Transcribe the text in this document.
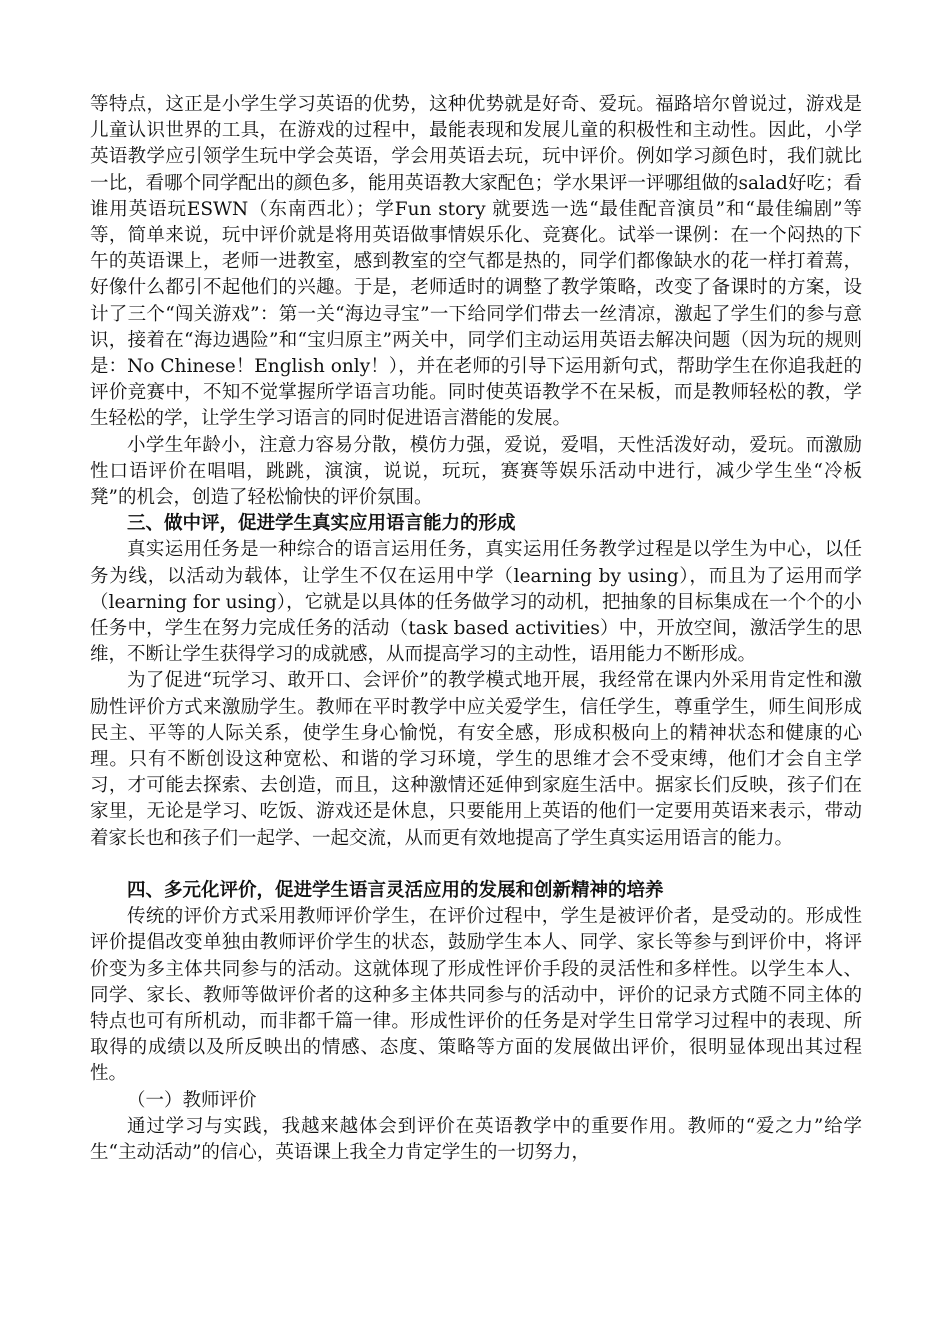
等特点，这正是小学生学习英语的优势，这种优势就是好奇、爱玩。福路培尔曾说过，游戏是儿童认识世界的工具，在游戏的过程中，最能表现和发展儿童的积极性和主动性。因此，小学英语教学应引领学生玩中学会英语，学会用英语去玩，玩中评价。例如学习颜色时，我们就比一比，看哪个同学配出的颜色多，能用英语教大家配色；学水果评一评哪组做的salad好吃；看谁用英语玩ESWN（东南西北）；学Fun story 就要选一选“最佳配音演员”和“最佳编剧”等等，简单来说，玩中评价就是将用英语做事情娱乐化、竞赛化。试举一课例：在一个闷热的下午的英语课上，老师一进教室，感到教室的空气都是热的，同学们都像缺水的花一样打着蔫，好像什么都引不起他们的兴趣。于是，老师适时的调整了教学策略，改变了备课时的方案，设计了三个“闯关游戏”：第一关“海边寻宝”一下给同学们带去一丝清凉，激起了学生们的参与意识，接着在“海边遇险”和“宝归原主”两关中，同学们主动运用英语去解决问题（因为玩的规则是：No Chinese！English only！），并在老师的引导下运用新句式，帮助学生在你追我赶的评价竞赛中，不知不觉掌握所学语言功能。同时使英语教学不在呆板，而是教师轻松的教，学生轻松的学，让学生学习语言的同时促进语言潜能的发展。

小学生年龄小，注意力容易分散，模仿力强，爱说，爱唱，天性活泼好动，爱玩。而激励性口语评价在唱唱，跳跳，演演，说说，玩玩，赛赛等娱乐活动中进行，减少学生坐“冷板凳”的机会，创造了轻松愉快的评价氛围。

三、做中评，促进学生真实应用语言能力的形成

真实运用任务是一种综合的语言运用任务，真实运用任务教学过程是以学生为中心，以任务为线，以活动为载体，让学生不仅在运用中学（learning by using），而且为了运用而学（learning for using），它就是以具体的任务做学习的动机，把抽象的目标集成在一个个的小任务中，学生在努力完成任务的活动（task based activities）中，开放空间，激活学生的思维，不断让学生获得学习的成就感，从而提高学习的主动性，语用能力不断形成。

为了促进“玩学习、敢开口、会评价”的教学模式地开展，我经常在课内外采用肯定性和激励性评价方式来激励学生。教师在平时教学中应关爱学生，信任学生，尊重学生，师生间形成民主、平等的人际关系，使学生身心愉悦，有安全感，形成积极向上的精神状态和健康的心理。只有不断创设这种宽松、和谐的学习环境，学生的思维才会不受束缚，他们才会自主学习，才可能去探索、去创造，而且，这种激情还延伸到家庭生活中。据家长们反映，孩子们在家里，无论是学习、吃饭、游戏还是休息，只要能用上英语的他们一定要用英语来表示，带动着家长也和孩子们一起学、一起交流，从而更有效地提高了学生真实运用语言的能力。

四、多元化评价，促进学生语言灵活应用的发展和创新精神的培养

传统的评价方式采用教师评价学生，在评价过程中，学生是被评价者，是受动的。形成性评价提倡改变单独由教师评价学生的状态，鼓励学生本人、同学、家长等参与到评价中，将评价变为多主体共同参与的活动。这就体现了形成性评价手段的灵活性和多样性。以学生本人、同学、家长、教师等做评价者的这种多主体共同参与的活动中，评价的记录方式随不同主体的特点也可有所机动，而非都千篇一律。形成性评价的任务是对学生日常学习过程中的表现、所取得的成绩以及所反映出的情感、态度、策略等方面的发展做出评价，很明显体现出其过程性。

（一）教师评价

通过学习与实践，我越来越体会到评价在英语教学中的重要作用。教师的“爱之力”给学生“主动活动”的信心，英语课上我全力肯定学生的一切努力，
